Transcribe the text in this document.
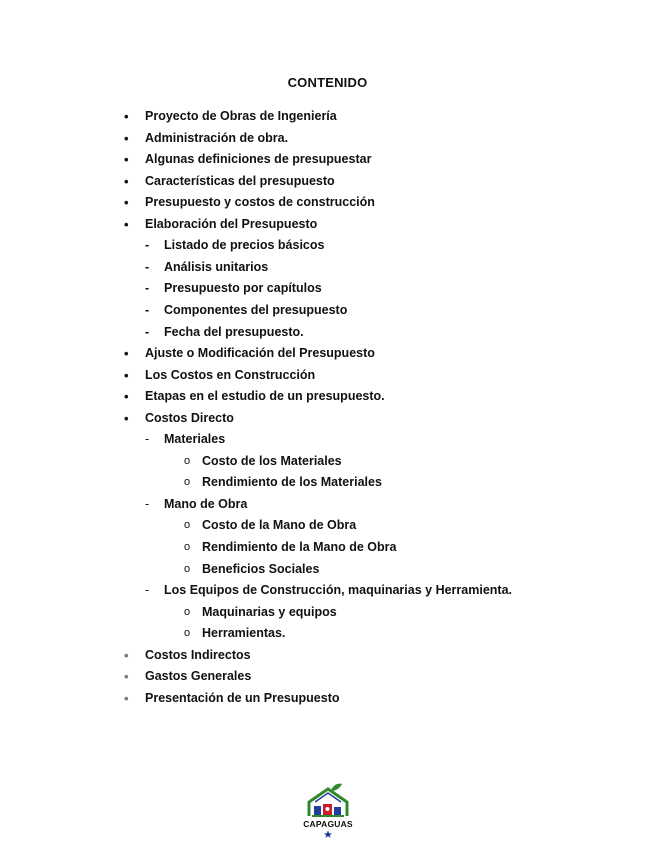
CONTENIDO
• Proyecto de Obras de Ingeniería
• Administración de obra.
• Algunas definiciones de presupuestar
• Características del presupuesto
• Presupuesto y costos de construcción
• Elaboración del Presupuesto
- Listado de precios básicos
- Análisis unitarios
- Presupuesto por capítulos
- Componentes del presupuesto
- Fecha del presupuesto.
• Ajuste o Modificación del Presupuesto
• Los Costos en Construcción
• Etapas en el estudio de un presupuesto.
• Costos Directo
- Materiales
o Costo de los Materiales
o Rendimiento de los Materiales
- Mano de Obra
o Costo de la Mano de Obra
o Rendimiento de la Mano de Obra
o Beneficios Sociales
- Los Equipos de Construcción, maquinarias y Herramienta.
o Maquinarias y equipos
o Herramientas.
• Costos Indirectos
• Gastos Generales
• Presentación de un Presupuesto
CAPAGUAS
